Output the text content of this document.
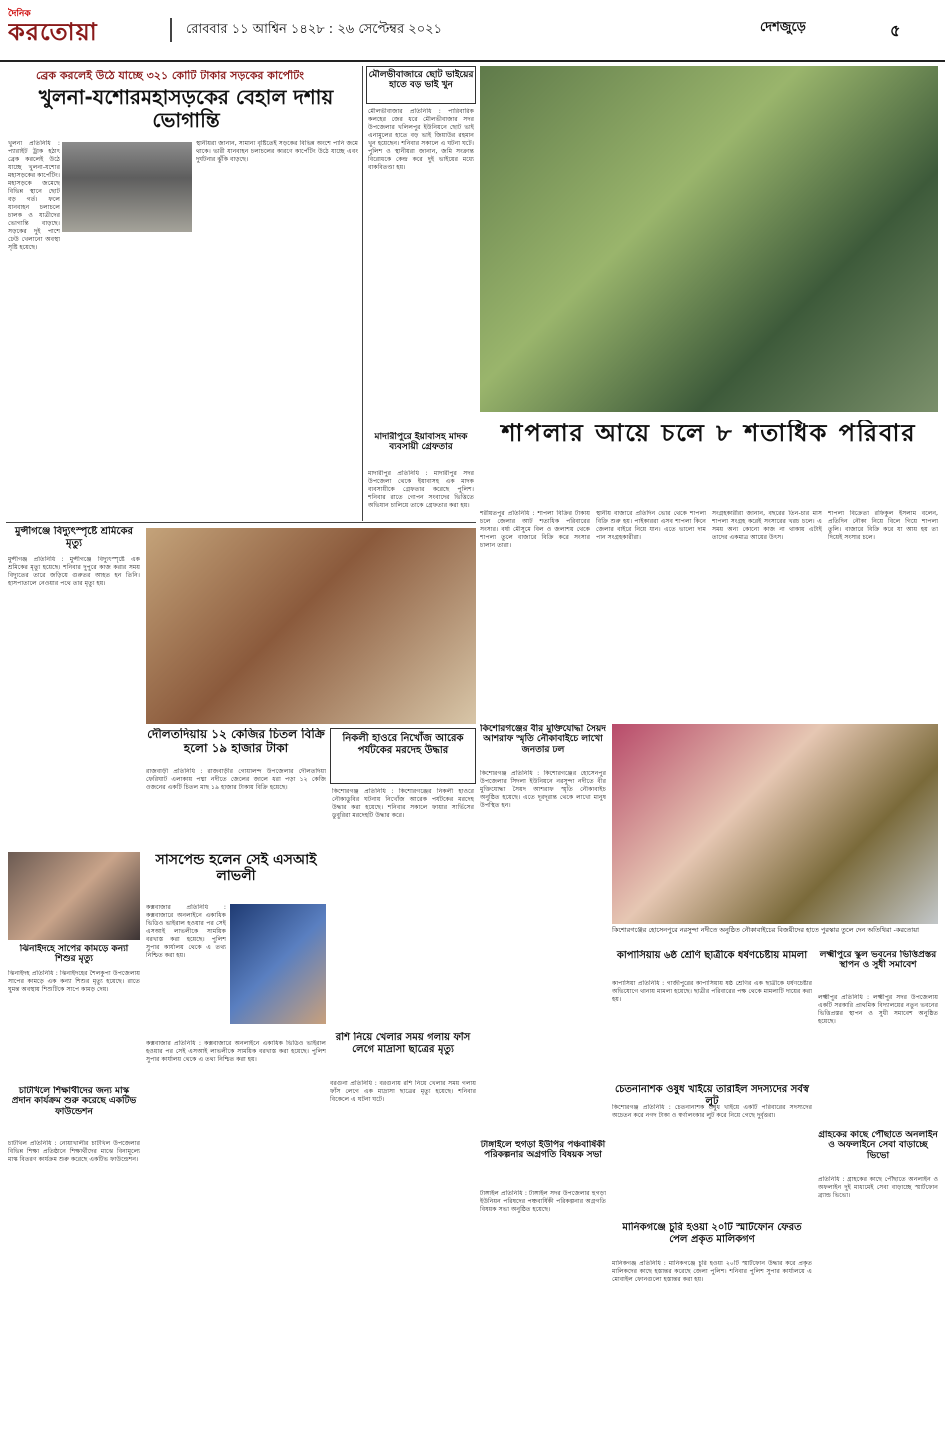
দৈনিক
করতোয়া	রোববার ১১ আশ্বিন ১৪২৮ : ২৬ সেপ্টেম্বর ২০২১	দেশজুড়ে	৫
ব্রেক করলেই উঠে যাচ্ছে ৩২১ কোটি টাকার সড়কের কার্পেটিং
খুলনা-যশোরমহাসড়কের বেহাল দশায় ভোগান্তি
খুলনা প্রতিনিধি : প্যারাইট ট্রাক হঠাৎ ব্রেক করলেই উঠে যাচ্ছে খুলনা-যশোর মহাসড়কের কার্পেটিং। মহাসড়কে জমেছে বিভিন্ন স্থানে ছোট বড় গর্ত। ফলে যানবাহন চলাচলে চালক ও যাত্রীদের ভোগান্তি বাড়ছে। সড়কের দুই পাশে ঢেউ খেলানো অবস্থা সৃষ্টি হয়েছে।
স্থানীয়রা জানান, সামান্য বৃষ্টিতেই সড়কের বিভিন্ন অংশে পানি জমে থাকে। ভারী যানবাহন চলাচলের কারণে কার্পেটিং উঠে যাচ্ছে এবং দুর্ঘটনার ঝুঁকি বাড়ছে।
মৌলভীবাজারে ছোট ভাইয়ের হাতে বড় ভাই খুন
মৌলভীবাজার প্রতিনিধি : পারিবারিক কলহের জের ধরে মৌলভীবাজার সদর উপজেলার খলিলপুর ইউনিয়নে ছোট ভাই এনামুলের হাতে বড় ভাই জিয়াউর রহমান খুন হয়েছেন। শনিবার সকালে এ ঘটনা ঘটে। পুলিশ ও স্থানীয়রা জানান, জমি সংক্রান্ত বিরোধকে কেন্দ্র করে দুই ভাইয়ের মধ্যে বাকবিতণ্ডা হয়।
মাদারীপুরে ইয়াবাসহ মাদক ব্যবসায়ী গ্রেফতার
মাদারীপুর প্রতিনিধি : মাদারীপুর সদর উপজেলা থেকে ইয়াবাসহ এক মাদক ব্যবসায়ীকে গ্রেফতার করেছে পুলিশ। শনিবার রাতে গোপন সংবাদের ভিত্তিতে অভিযান চালিয়ে তাকে গ্রেফতার করা হয়।
শাপলার আয়ে চলে ৮ শতাধিক পরিবার
শরীয়তপুর প্রতিনিধি : শাপলা বিক্রির টাকায় চলে জেলার আট শতাধিক পরিবারের সংসার। বর্ষা মৌসুমে বিল ও জলাশয় থেকে শাপলা তুলে বাজারে বিক্রি করে সংসার চালান তারা।
স্থানীয় বাজারে প্রতিদিন ভোর থেকে শাপলা বিক্রি শুরু হয়। পাইকাররা এসব শাপলা কিনে জেলার বাইরে নিয়ে যান। এতে ভালো দাম পান সংগ্রহকারীরা।
সংগ্রহকারীরা জানান, বছরের তিন-চার মাস শাপলা সংগ্রহ করেই সংসারের খরচ চলে। এ সময় অন্য কোনো কাজ না থাকায় এটাই তাদের একমাত্র আয়ের উৎস।
শাপলা বিক্রেতা রফিকুল ইসলাম বলেন, প্রতিদিন নৌকা নিয়ে বিলে গিয়ে শাপলা তুলি। বাজারে বিক্রি করে যা আয় হয় তা দিয়েই সংসার চলে।
মুন্সীগঞ্জে বিদ্যুৎস্পৃষ্টে শ্রমিকের মৃত্যু
মুন্সীগঞ্জ প্রতিনিধি : মুন্সীগঞ্জে বিদ্যুৎস্পৃষ্টে এক শ্রমিকের মৃত্যু হয়েছে। শনিবার দুপুরে কাজ করার সময় বিদ্যুতের তারে জড়িয়ে গুরুতর আহত হন তিনি। হাসপাতালে নেওয়ার পথে তার মৃত্যু হয়।
দৌলতদিয়ায় ১২ কেজির চিতল বিক্রি হলো ১৯ হাজার টাকা
রাজবাড়ী প্রতিনিধি : রাজবাড়ীর গোয়ালন্দ উপজেলার দৌলতদিয়া ফেরিঘাট এলাকায় পদ্মা নদীতে জেলের জালে ধরা পড়া ১২ কেজি ওজনের একটি চিতল মাছ ১৯ হাজার টাকায় বিক্রি হয়েছে।
নিকলী হাওরে নিখোঁজ আরেক পর্যটকের মরদেহ উদ্ধার
কিশোরগঞ্জ প্রতিনিধি : কিশোরগঞ্জের নিকলী হাওরে নৌকাডুবির ঘটনায় নিখোঁজ আরেক পর্যটকের মরদেহ উদ্ধার করা হয়েছে। শনিবার সকালে ফায়ার সার্ভিসের ডুবুরিরা মরদেহটি উদ্ধার করে।
ঝিনাইদহে সাপের কামড়ে কন্যা শিশুর মৃত্যু
ঝিনাইদহ প্রতিনিধি : ঝিনাইদহের শৈলকুপা উপজেলায় সাপের কামড়ে এক কন্যা শিশুর মৃত্যু হয়েছে। রাতে ঘুমন্ত অবস্থায় শিশুটিকে সাপে কামড় দেয়।
সাসপেন্ড হলেন সেই এসআই লাভলী
কক্সবাজার প্রতিনিধি : কক্সবাজারে অনলাইনে একাধিক ভিডিও ভাইরাল হওয়ার পর সেই এসআই লাভলীকে সাময়িক বরখাস্ত করা হয়েছে। পুলিশ সুপার কার্যালয় থেকে এ তথ্য নিশ্চিত করা হয়।
চাটখিলে শিক্ষার্থীদের জন্য মাস্ক প্রদান কার্যক্রম শুরু করেছে একটিভ ফাউন্ডেশন
চাটখিল প্রতিনিধি : নোয়াখালীর চাটখিল উপজেলার বিভিন্ন শিক্ষা প্রতিষ্ঠানে শিক্ষার্থীদের মাঝে বিনামূল্যে মাস্ক বিতরণ কার্যক্রম শুরু করেছে একটিভ ফাউন্ডেশন।
রশি নিয়ে খেলার সময় গলায় ফাঁস লেগে মাদ্রাসা ছাত্রের মৃত্যু
বরগুনা প্রতিনিধি : বরগুনায় রশি নিয়ে খেলার সময় গলায় ফাঁস লেগে এক মাদ্রাসা ছাত্রের মৃত্যু হয়েছে। শনিবার বিকেলে এ ঘটনা ঘটে।
কক্সবাজার প্রতিনিধি : কক্সবাজারে অনলাইনে একাধিক ভিডিও ভাইরাল হওয়ার পর সেই এসআই লাভলীকে সাময়িক বরখাস্ত করা হয়েছে। পুলিশ সুপার কার্যালয় থেকে এ তথ্য নিশ্চিত করা হয়।
কিশোরগঞ্জের বীর মুক্তিযোদ্ধা সৈয়দ আশরাফ স্মৃতি নৌকাবাইচে লাখো জনতার ঢল
কিশোরগঞ্জ প্রতিনিধি : কিশোরগঞ্জের হোসেনপুর উপজেলার সিদলা ইউনিয়নে নরসুন্দা নদীতে বীর মুক্তিযোদ্ধা সৈয়দ আশরাফ স্মৃতি নৌকাবাইচ অনুষ্ঠিত হয়েছে। এতে দূরদূরান্ত থেকে লাখো মানুষ উপস্থিত হন।
কিশোরগঞ্জের হোসেনপুরে নরসুন্দা নদীতে অনুষ্ঠিত নৌকাবাইচের বিজয়ীদের হাতে পুরস্কার তুলে দেন অতিথিরা -করতোয়া
কাপাসিয়ায় ৬ষ্ঠ শ্রেণি ছাত্রীকে ধর্ষণচেষ্টায় মামলা
কাপাসিয়া প্রতিনিধি : গাজীপুরের কাপাসিয়ায় ষষ্ঠ শ্রেণির এক ছাত্রীকে ধর্ষণচেষ্টার অভিযোগে থানায় মামলা হয়েছে। ছাত্রীর পরিবারের পক্ষ থেকে মামলাটি দায়ের করা হয়।
লক্ষ্মীপুরে স্কুল ভবনের ভিত্তিপ্রস্তর স্থাপন ও সুধী সমাবেশ
লক্ষ্মীপুর প্রতিনিধি : লক্ষ্মীপুর সদর উপজেলায় একটি সরকারি প্রাথমিক বিদ্যালয়ের নতুন ভবনের ভিত্তিপ্রস্তর স্থাপন ও সুধী সমাবেশ অনুষ্ঠিত হয়েছে।
চেতনানাশক ওষুধ খাইয়ে তারাইল সদস্যদের সর্বস্ব লুট
কিশোরগঞ্জ প্রতিনিধি : চেতনানাশক ওষুধ খাইয়ে একটি পরিবারের সদস্যদের অচেতন করে নগদ টাকা ও স্বর্ণালংকার লুট করে নিয়ে গেছে দুর্বৃত্তরা।
টাঙ্গাইলে হুগড়া ইউপির পঞ্চবার্ষিকী পরিকল্পনার অগ্রগতি বিষয়ক সভা
টাঙ্গাইল প্রতিনিধি : টাঙ্গাইল সদর উপজেলার হুগড়া ইউনিয়ন পরিষদের পঞ্চবার্ষিকী পরিকল্পনার অগ্রগতি বিষয়ক সভা অনুষ্ঠিত হয়েছে।
গ্রাহকের কাছে পৌঁছাতে অনলাইন ও অফলাইনে সেবা বাড়াচ্ছে ভিভো
প্রতিনিধি : গ্রাহকের কাছে পৌঁছাতে অনলাইন ও অফলাইন দুই মাধ্যমেই সেবা বাড়াচ্ছে স্মার্টফোন ব্র্যান্ড ভিভো।
মানিকগঞ্জে চুরি হওয়া ২০টি স্মার্টফোন ফেরত পেল প্রকৃত মালিকগণ
মানিকগঞ্জ প্রতিনিধি : মানিকগঞ্জে চুরি হওয়া ২০টি স্মার্টফোন উদ্ধার করে প্রকৃত মালিকদের কাছে হস্তান্তর করেছে জেলা পুলিশ। শনিবার পুলিশ সুপার কার্যালয়ে এ মোবাইল ফোনগুলো হস্তান্তর করা হয়।
